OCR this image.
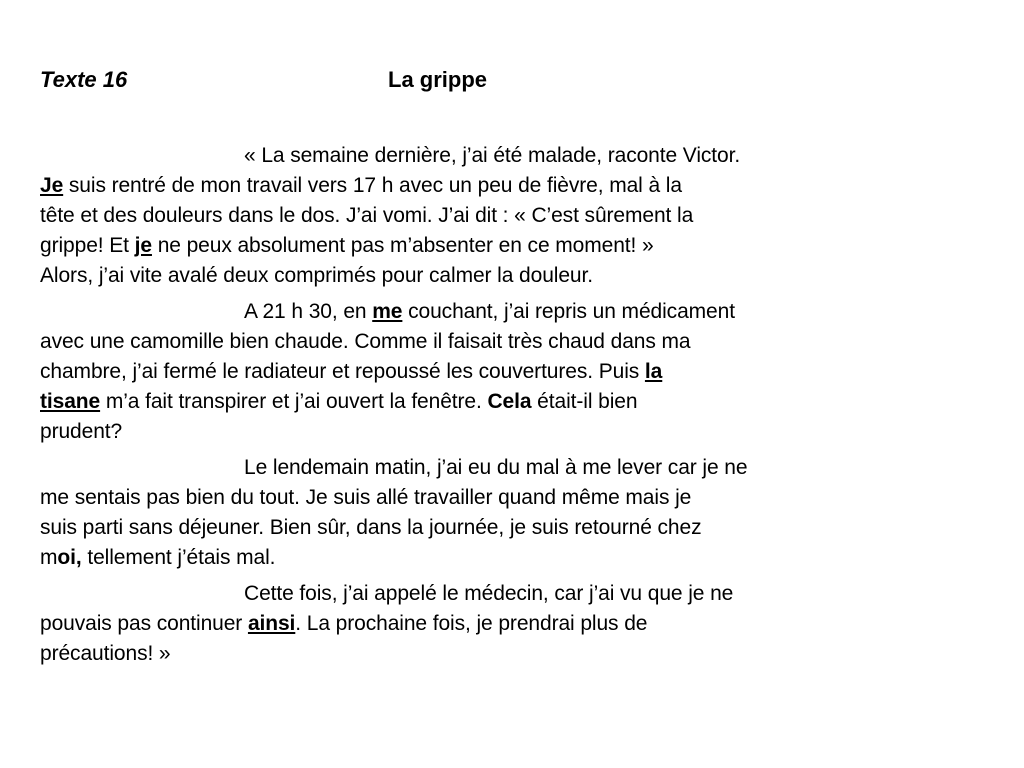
Texte 16	La grippe
« La semaine dernière, j’ai été malade, raconte Victor.
Je suis rentré de mon travail vers 17 h avec un peu de fièvre, mal à la
tête et des douleurs dans le dos. J’ai vomi. J’ai dit : « C’est sûrement la
grippe! Et je ne peux absolument pas m’absenter en ce moment! »
Alors, j’ai vite avalé deux comprimés pour calmer la douleur.
A 21 h 30, en me couchant, j’ai repris un médicament
avec une camomille bien chaude. Comme il faisait très chaud dans ma
chambre, j’ai fermé le radiateur et repoussé les couvertures. Puis la
tisane m’a fait transpirer et j’ai ouvert la fenêtre. Cela était-il bien
prudent?
Le lendemain matin, j’ai eu du mal à me lever car je ne
me sentais pas bien du tout. Je suis allé travailler quand même mais je
suis parti sans déjeuner. Bien sûr, dans la journée, je suis retourné chez
moi, tellement j’étais mal.
Cette fois, j’ai appelé le médecin, car j’ai vu que je ne
pouvais pas continuer ainsi. La prochaine fois, je prendrai plus de
précautions! »
